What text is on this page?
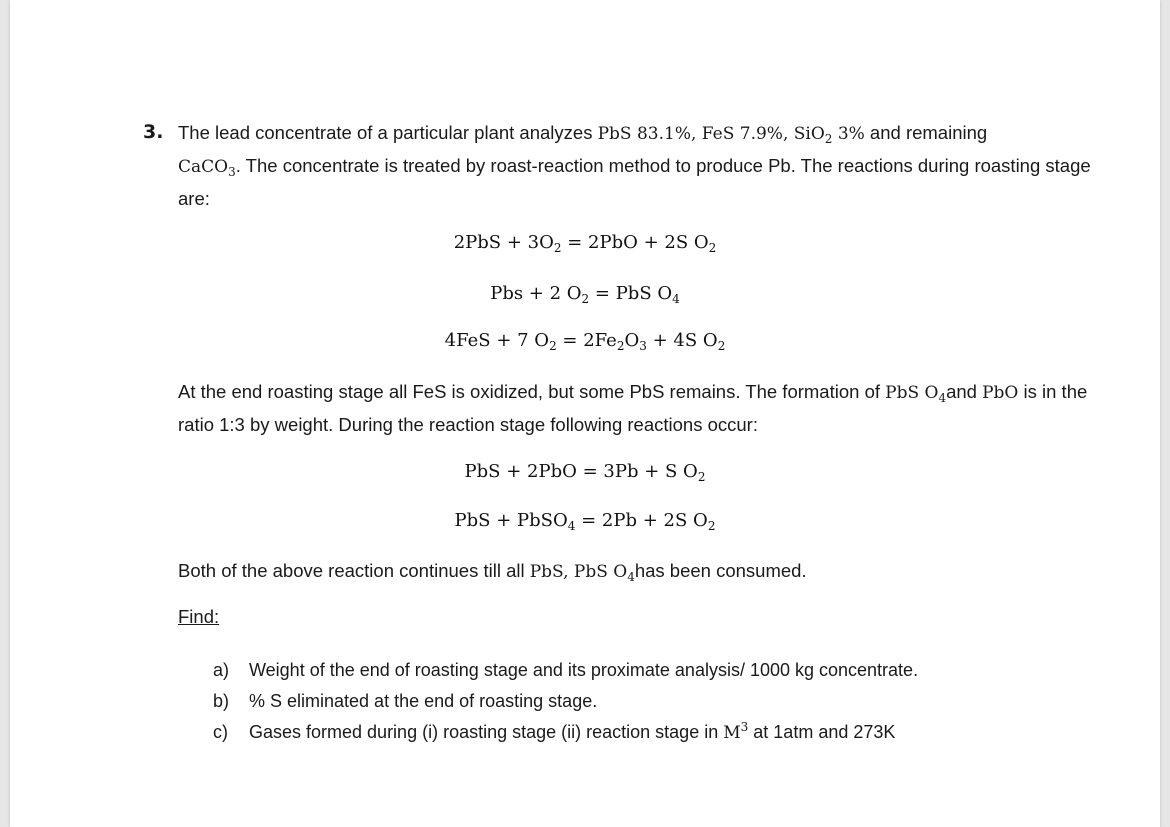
3. The lead concentrate of a particular plant analyzes PbS 83.1%, FeS 7.9%, SiO$_2$ 3% and remaining
CaCO$_3$. The concentrate is treated by roast-reaction method to produce Pb. The reactions during roasting stage are:
$2PbS + 3O_2 = 2PbO + 2S$ $O_2$
Pbs + 2 $O_2$ = PbS $O_4$
4FeS + 7 $O_2 = 2Fe_2O_3 + 4S$ $O_2$
At the end roasting stage all FeS is oxidized, but some PbS remains. The formation of PbS $O_4and$ PbO is in the ratio 1:3 by weight. During the reaction stage following reactions occur:
PbS + 2PbO = 3Pb + S $O_2$
PbS + PbSO$_4$ = 2Pb + 2S $O_2$
Both of the above reaction continues till all PbS, PbS $O_4has$ been consumed.
Find:
a) Weight of the end of roasting stage and its proximate analysis/ 1000 kg concentrate.
b) % S eliminated at the end of roasting stage.
c) Gases formed during (i) roasting stage (ii) reaction stage in $M^3$ at 1atm and 273K
